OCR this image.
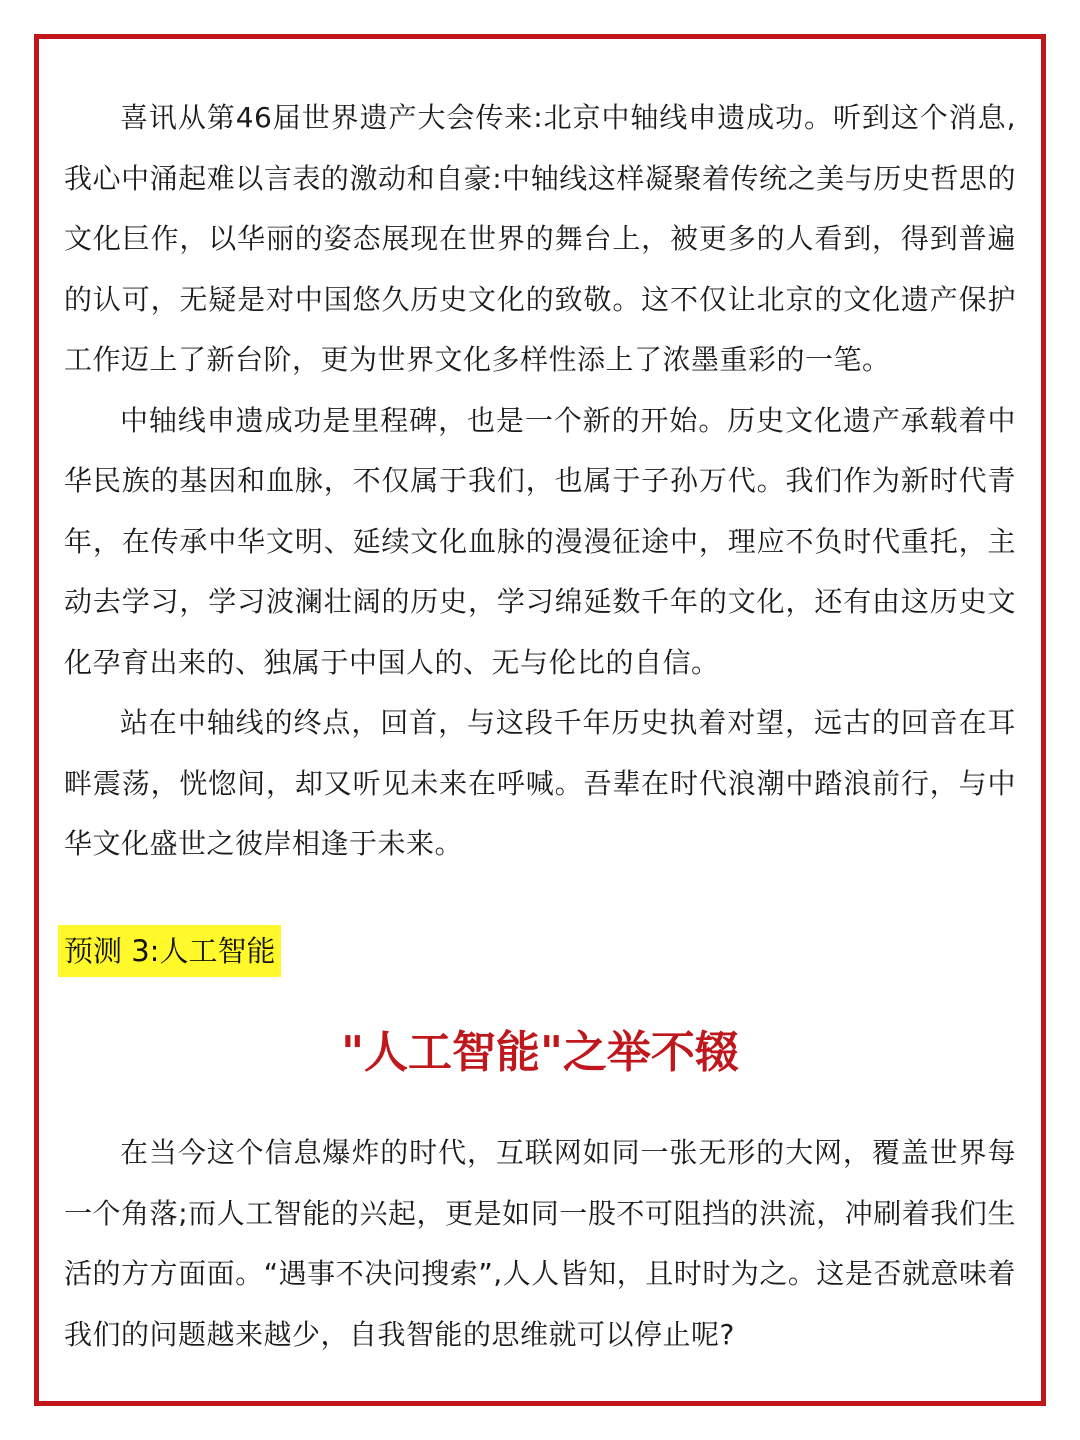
喜讯从第46届世界遗产大会传来:北京中轴线申遗成功。听到这个消息,我心中涌起难以言表的激动和自豪:中轴线这样凝聚着传统之美与历史哲思的文化巨作，以华丽的姿态展现在世界的舞台上，被更多的人看到，得到普遍的认可，无疑是对中国悠久历史文化的致敬。这不仅让北京的文化遗产保护工作迈上了新台阶，更为世界文化多样性添上了浓墨重彩的一笔。

中轴线申遗成功是里程碑，也是一个新的开始。历史文化遗产承载着中华民族的基因和血脉，不仅属于我们，也属于子孙万代。我们作为新时代青年，在传承中华文明、延续文化血脉的漫漫征途中，理应不负时代重托，主动去学习，学习波澜壮阔的历史，学习绵延数千年的文化，还有由这历史文化孕育出来的、独属于中国人的、无与伦比的自信。

站在中轴线的终点，回首，与这段千年历史执着对望，远古的回音在耳畔震荡，恍惚间，却又听见未来在呼喊。吾辈在时代浪潮中踏浪前行，与中华文化盛世之彼岸相逢于未来。

预测 3:人工智能
"人工智能"之举不辍

在当今这个信息爆炸的时代，互联网如同一张无形的大网，覆盖世界每一个角落;而人工智能的兴起，更是如同一股不可阻挡的洪流，冲刷着我们生活的方方面面。“遇事不决问搜索”,人人皆知，且时时为之。这是否就意味着我们的问题越来越少，自我智能的思维就可以停止呢?
